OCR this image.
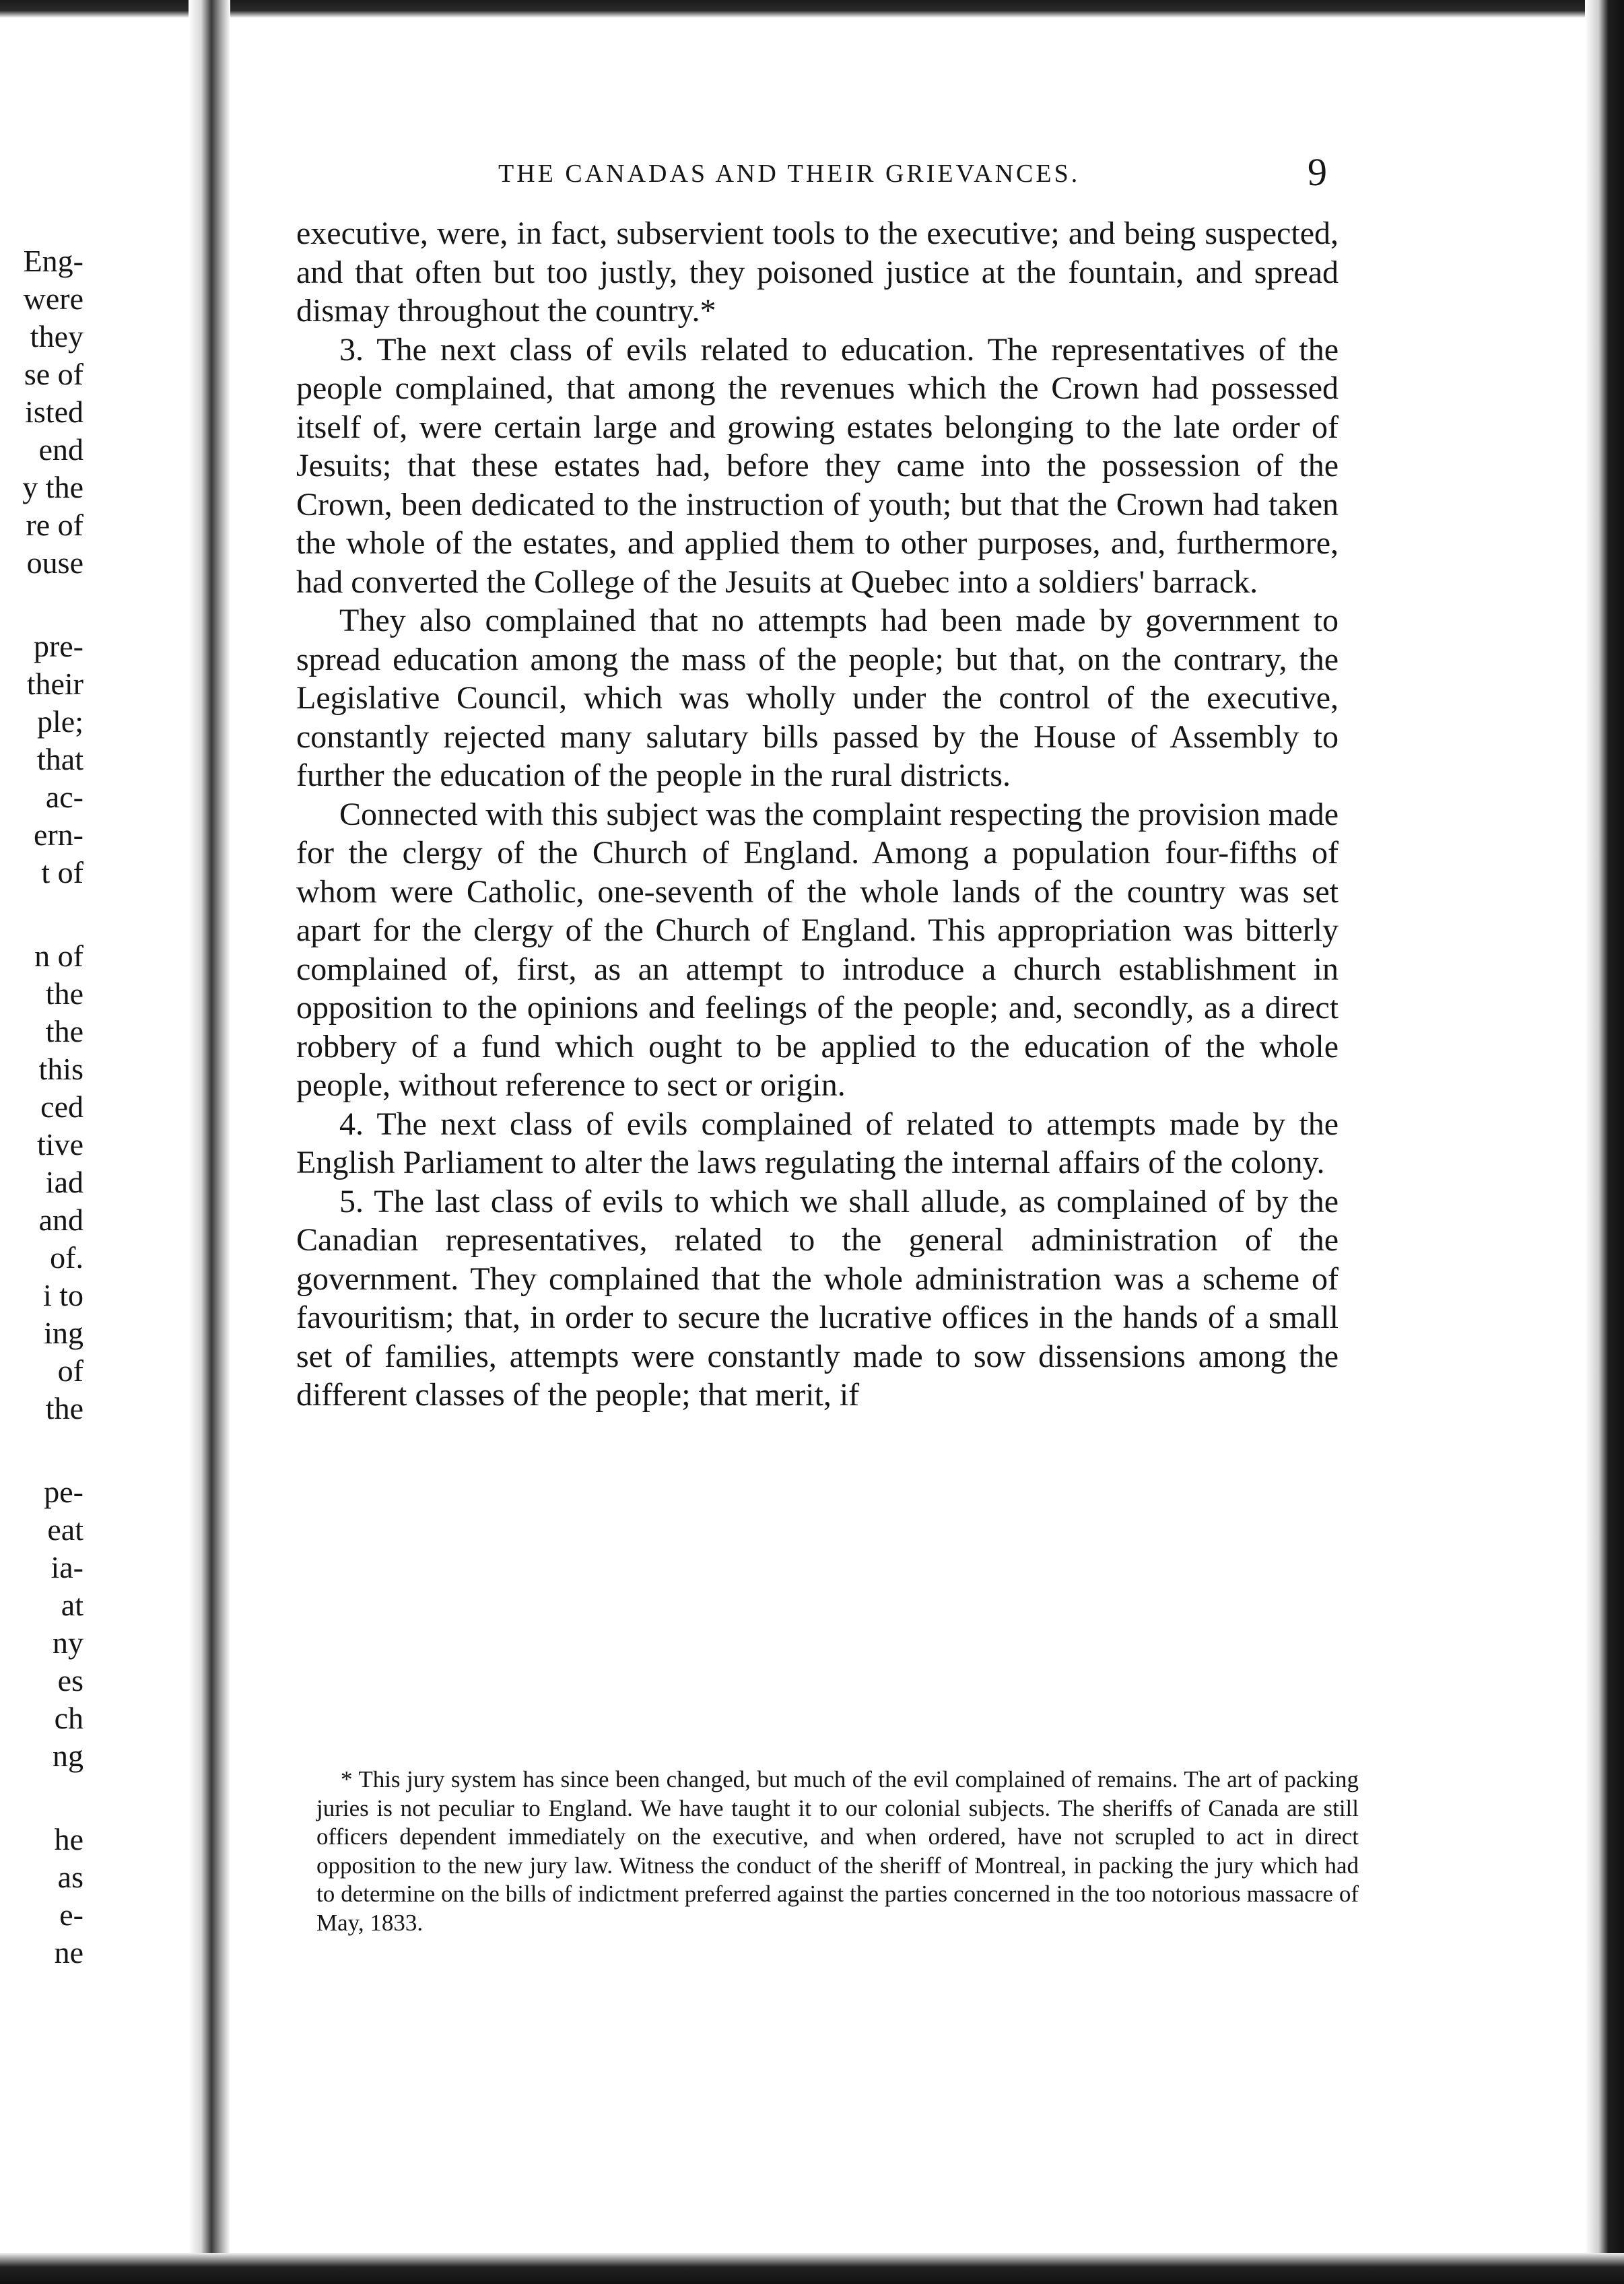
Eng-
were
they
se of
isted
end
y the
re of
ouse
pre-
their
ple;
that
ac-
ern-
t of
n of
the
the
this
ced
tive
iad
and
of.
i to
ing
of
the
pe-
eat
ia-
at
ny
es
ch
ng
he
as
e-
ne
THE CANADAS AND THEIR GRIEVANCES.	9

executive, were, in fact, subservient tools to the executive; and being suspected, and that often but too justly, they poisoned justice at the fountain, and spread dismay throughout the country.*

3. The next class of evils related to education. The representatives of the people complained, that among the revenues which the Crown had possessed itself of, were certain large and growing estates belonging to the late order of Jesuits; that these estates had, before they came into the possession of the Crown, been dedicated to the instruction of youth; but that the Crown had taken the whole of the estates, and applied them to other purposes, and, furthermore, had converted the College of the Jesuits at Quebec into a soldiers' barrack.

They also complained that no attempts had been made by government to spread education among the mass of the people; but that, on the contrary, the Legislative Council, which was wholly under the control of the executive, constantly rejected many salutary bills passed by the House of Assembly to further the education of the people in the rural districts.

Connected with this subject was the complaint respecting the provision made for the clergy of the Church of England. Among a population four-fifths of whom were Catholic, one-seventh of the whole lands of the country was set apart for the clergy of the Church of England. This appropriation was bitterly complained of, first, as an attempt to introduce a church establishment in opposition to the opinions and feelings of the people; and, secondly, as a direct robbery of a fund which ought to be applied to the education of the whole people, without reference to sect or origin.

4. The next class of evils complained of related to attempts made by the English Parliament to alter the laws regulating the internal affairs of the colony.

5. The last class of evils to which we shall allude, as complained of by the Canadian representatives, related to the general administration of the government. They complained that the whole administration was a scheme of favouritism; that, in order to secure the lucrative offices in the hands of a small set of families, attempts were constantly made to sow dissensions among the different classes of the people; that merit, if

* This jury system has since been changed, but much of the evil complained of remains. The art of packing juries is not peculiar to England. We have taught it to our colonial subjects. The sheriffs of Canada are still officers dependent immediately on the executive, and when ordered, have not scrupled to act in direct opposition to the new jury law. Witness the conduct of the sheriff of Montreal, in packing the jury which had to determine on the bills of indictment preferred against the parties concerned in the too notorious massacre of May, 1833.
